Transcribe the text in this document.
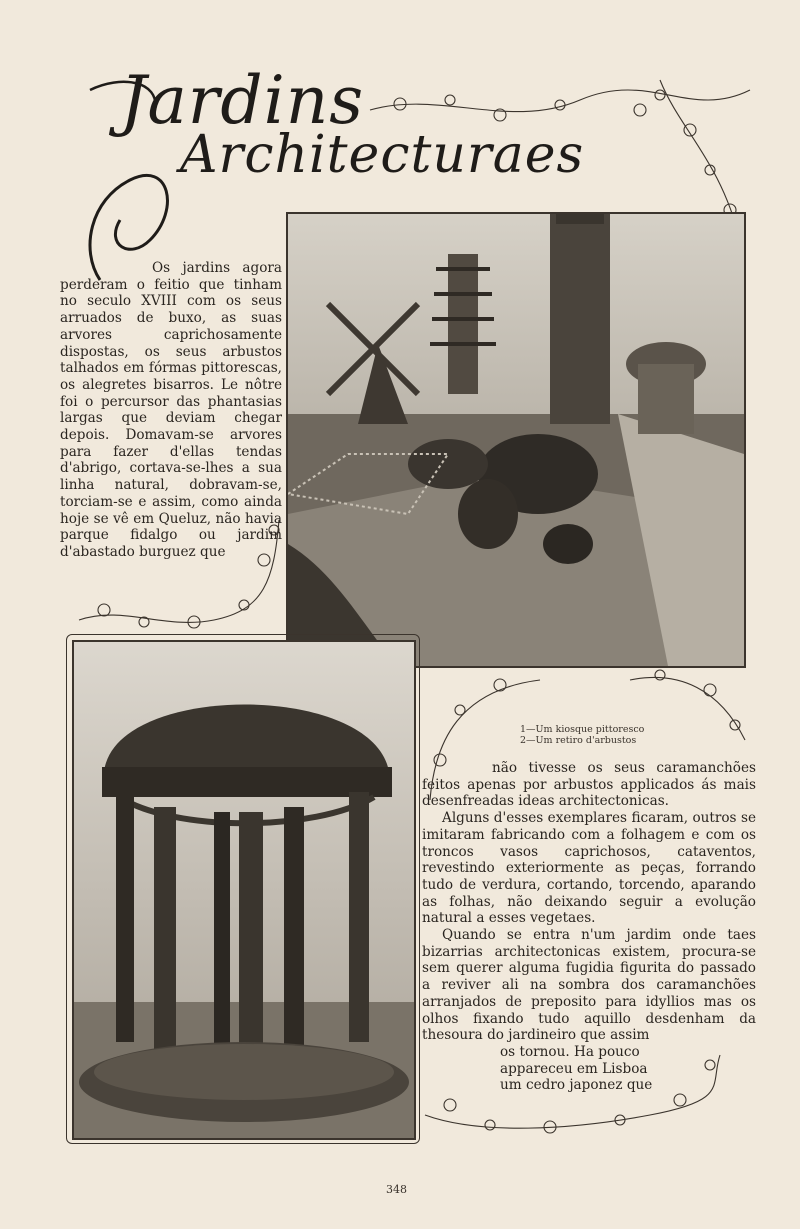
Jardins
Architecturaes
Os jardins agora perderam o feitio que tinham no seculo XVIII com os seus arruados de buxo, as suas arvores caprichosamente dispostas, os seus arbustos talhados em fórmas pittorescas, os alegretes bisarros. Le nôtre foi o percursor das phantasias largas que deviam chegar depois. Domavam-se arvores para fazer d'ellas tendas d'abrigo, cortava-se-lhes a sua linha natural, dobravam-se, torciam-se e assim, como ainda hoje se vê em Queluz, não havia parque fidalgo ou jardim d'abastado burguez que
1—Um kiosque pittoresco
2—Um retiro d'arbustos

não tivesse os seus caramanchões feitos apenas por arbustos applicados ás mais desenfreadas ideas architectonicas.

Alguns d'esses exemplares ficaram, outros se imitaram fabricando com a folhagem e com os troncos vasos caprichosos, cataventos, revestindo exteriormente as peças, forrando tudo de verdura, cortando, torcendo, aparando as folhas, não deixando seguir a evolução natural a esses vegetaes.

Quando se entra n'um jardim onde taes bizarrias architectonicas existem, procura-se sem querer alguma fugidia figurita do passado a reviver ali na sombra dos caramanchões arranjados de preposito para idyllios mas os olhos fixando tudo aquillo desdenham da thesoura do jardineiro que assim

os tornou. Ha pouco

appareceu em Lisboa

um cedro japonez que

348
